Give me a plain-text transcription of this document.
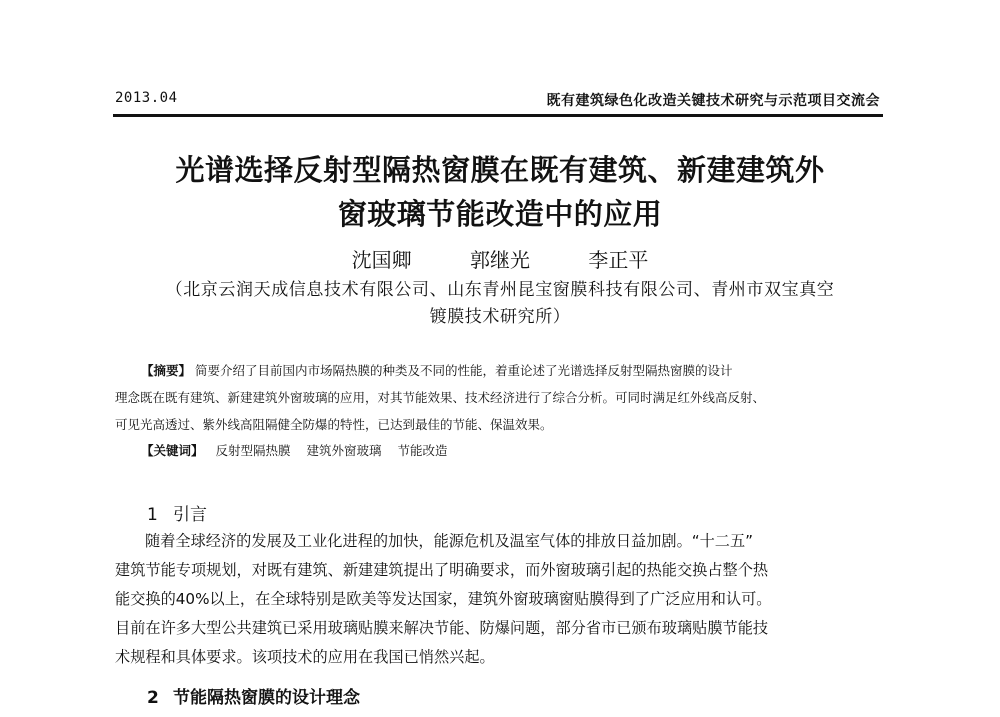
2013.04	既有建筑绿色化改造关键技术研究与示范项目交流会
光谱选择反射型隔热窗膜在既有建筑、新建建筑外
窗玻璃节能改造中的应用
沈国卿	郭继光	李正平
（北京云润天成信息技术有限公司、山东青州昆宝窗膜科技有限公司、青州市双宝真空
镀膜技术研究所）
【摘要】 简要介绍了目前国内市场隔热膜的种类及不同的性能，着重论述了光谱选择反射型隔热窗膜的设计
理念既在既有建筑、新建建筑外窗玻璃的应用，对其节能效果、技术经济进行了综合分析。可同时满足红外线高反射、
可见光高透过、紫外线高阻隔健全防爆的特性，已达到最佳的节能、保温效果。
【关键词】 反射型隔热膜 建筑外窗玻璃 节能改造
1 引言
随着全球经济的发展及工业化进程的加快，能源危机及温室气体的排放日益加剧。“十二五”
建筑节能专项规划，对既有建筑、新建建筑提出了明确要求，而外窗玻璃引起的热能交换占整个热
能交换的40%以上，在全球特别是欧美等发达国家，建筑外窗玻璃窗贴膜得到了广泛应用和认可。
目前在许多大型公共建筑已采用玻璃贴膜来解决节能、防爆问题，部分省市已颁布玻璃贴膜节能技
术规程和具体要求。该项技术的应用在我国已悄然兴起。
2 节能隔热窗膜的设计理念
